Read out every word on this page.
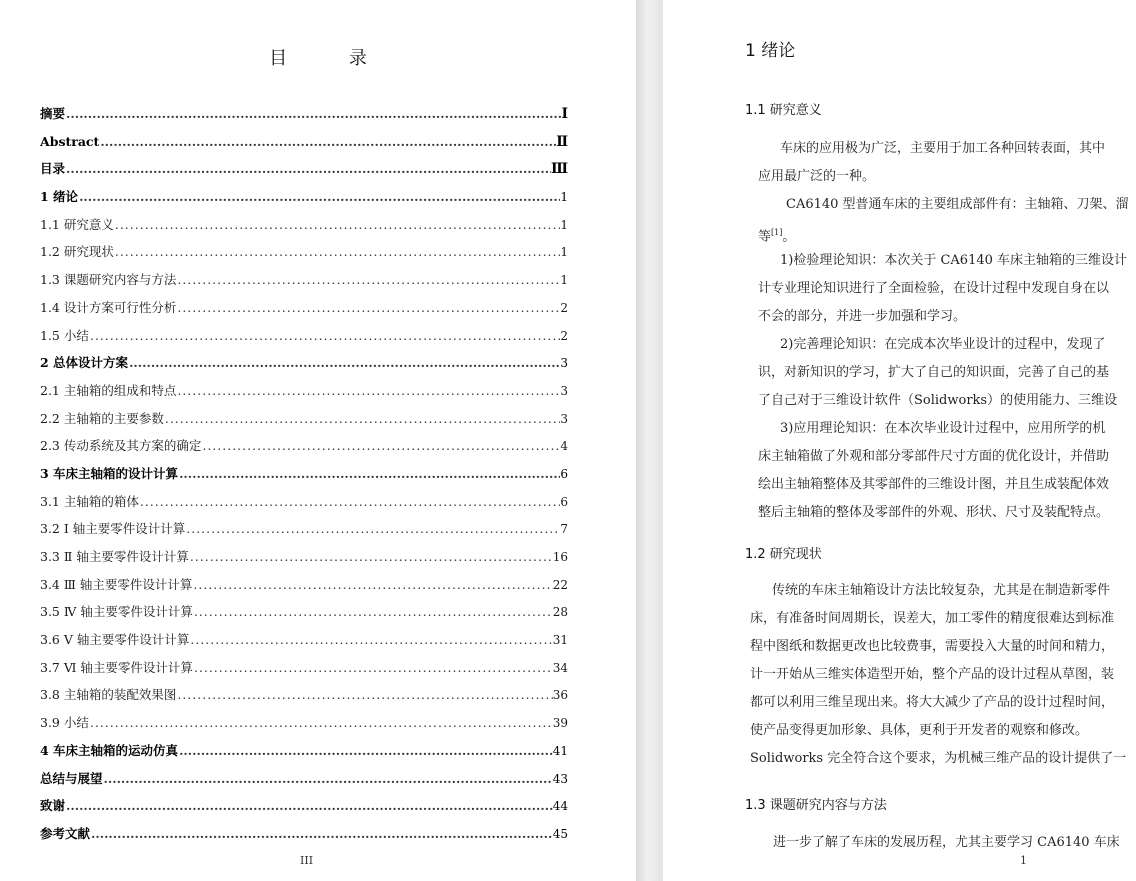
目 录
摘要 .....	Ⅰ
Abstract .....	Ⅱ
目录 .....	Ⅲ
1 绪论 .....	1
1.1 研究意义 .....	1
1.2 研究现状 .....	1
1.3 课题研究内容与方法 .....	1
1.4 设计方案可行性分析 .....	2
1.5 小结 .....	2
2 总体设计方案 .....	3
2.1 主轴箱的组成和特点 .....	3
2.2 主轴箱的主要参数 .....	3
2.3 传动系统及其方案的确定 .....	4
3 车床主轴箱的设计计算 .....	6
3.1 主轴箱的箱体 .....	6
3.2 Ⅰ 轴主要零件设计计算 .....	7
3.3 Ⅱ 轴主要零件设计计算 .....	16
3.4 Ⅲ 轴主要零件设计计算 .....	22
3.5 Ⅳ 轴主要零件设计计算 .....	28
3.6 Ⅴ 轴主要零件设计计算 .....	31
3.7 Ⅵ 轴主要零件设计计算 .....	34
3.8 主轴箱的装配效果图 .....	36
3.9 小结 .....	39
4 车床主轴箱的运动仿真 .....	41
总结与展望 .....	43
致谢 .....	44
参考文献 .....	45
III
1 绪论
1.1 研究意义

车床的应用极为广泛，主要用于加工各种回转表面，其中
应用最广泛的一种。

CA6140 型普通车床的主要组成部件有：主轴箱、刀架、溜
等[1]。

1)检验理论知识：本次关于 CA6140 车床主轴箱的三维设计
计专业理论知识进行了全面检验，在设计过程中发现自身在以
不会的部分，并进一步加强和学习。

2)完善理论知识：在完成本次毕业设计的过程中，发现了
识，对新知识的学习，扩大了自己的知识面，完善了自己的基
了自己对于三维设计软件（Solidworks）的使用能力、三维设

3)应用理论知识：在本次毕业设计过程中，应用所学的机
床主轴箱做了外观和部分零部件尺寸方面的优化设计，并借助
绘出主轴箱整体及其零部件的三维设计图，并且生成装配体效
整后主轴箱的整体及零部件的外观、形状、尺寸及装配特点。

1.2 研究现状

传统的车床主轴箱设计方法比较复杂，尤其是在制造新零件
床，有准备时间周期长，误差大，加工零件的精度很难达到标准
程中图纸和数据更改也比较费事，需要投入大量的时间和精力，
计一开始从三维实体造型开始，整个产品的设计过程从草图，装
都可以利用三维呈现出来。将大大减少了产品的设计过程时间，
使产品变得更加形象、具体，更利于开发者的观察和修改。
Solidworks 完全符合这个要求，为机械三维产品的设计提供了一

1.3 课题研究内容与方法

进一步了解了车床的发展历程，尤其主要学习 CA6140 车床

1
